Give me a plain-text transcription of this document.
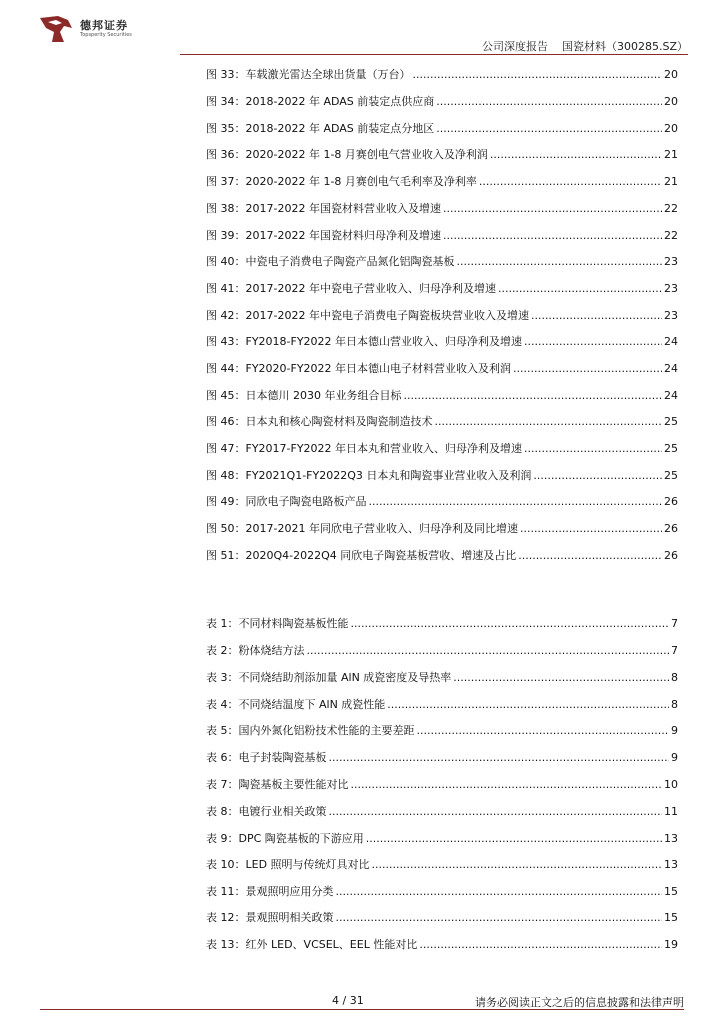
德邦证券
Topsperity Securities
公司深度报告    国瓷材料（300285.SZ）
图 33：车载激光雷达全球出货量（万台） .....	20
图 34：2018-2022 年 ADAS 前装定点供应商 .....	20
图 35：2018-2022 年 ADAS 前装定点分地区 .....	20
图 36：2020-2022 年 1-8 月赛创电气营业收入及净利润 .....	21
图 37：2020-2022 年 1-8 月赛创电气毛利率及净利率 .....	21
图 38：2017-2022 年国瓷材料营业收入及增速 .....	22
图 39：2017-2022 年国瓷材料归母净利及增速 .....	22
图 40：中瓷电子消费电子陶瓷产品氮化铝陶瓷基板 .....	23
图 41：2017-2022 年中瓷电子营业收入、归母净利及增速 .....	23
图 42：2017-2022 年中瓷电子消费电子陶瓷板块营业收入及增速 .....	23
图 43：FY2018-FY2022 年日本德山营业收入、归母净利及增速 .....	24
图 44：FY2020-FY2022 年日本德山电子材料营业收入及利润 .....	24
图 45：日本德川 2030 年业务组合目标 .....	24
图 46：日本丸和核心陶瓷材料及陶瓷制造技术 .....	25
图 47：FY2017-FY2022 年日本丸和营业收入、归母净利及增速 .....	25
图 48：FY2021Q1-FY2022Q3 日本丸和陶瓷事业营业收入及利润 .....	25
图 49：同欣电子陶瓷电路板产品 .....	26
图 50：2017-2021 年同欣电子营业收入、归母净利及同比增速 .....	26
图 51：2020Q4-2022Q4 同欣电子陶瓷基板营收、增速及占比 .....	26
表 1：不同材料陶瓷基板性能 .....	7
表 2：粉体烧结方法 .....	7
表 3：不同烧结助剂添加量 AlN 成瓷密度及导热率 .....	8
表 4：不同烧结温度下 AlN 成瓷性能 .....	8
表 5：国内外氮化铝粉技术性能的主要差距 .....	9
表 6：电子封装陶瓷基板 .....	9
表 7：陶瓷基板主要性能对比 .....	10
表 8：电镀行业相关政策 .....	11
表 9：DPC 陶瓷基板的下游应用 .....	13
表 10：LED 照明与传统灯具对比 .....	13
表 11：景观照明应用分类 .....	15
表 12：景观照明相关政策 .....	15
表 13：红外 LED、VCSEL、EEL 性能对比 .....	19
4 / 31	请务必阅读正文之后的信息披露和法律声明
